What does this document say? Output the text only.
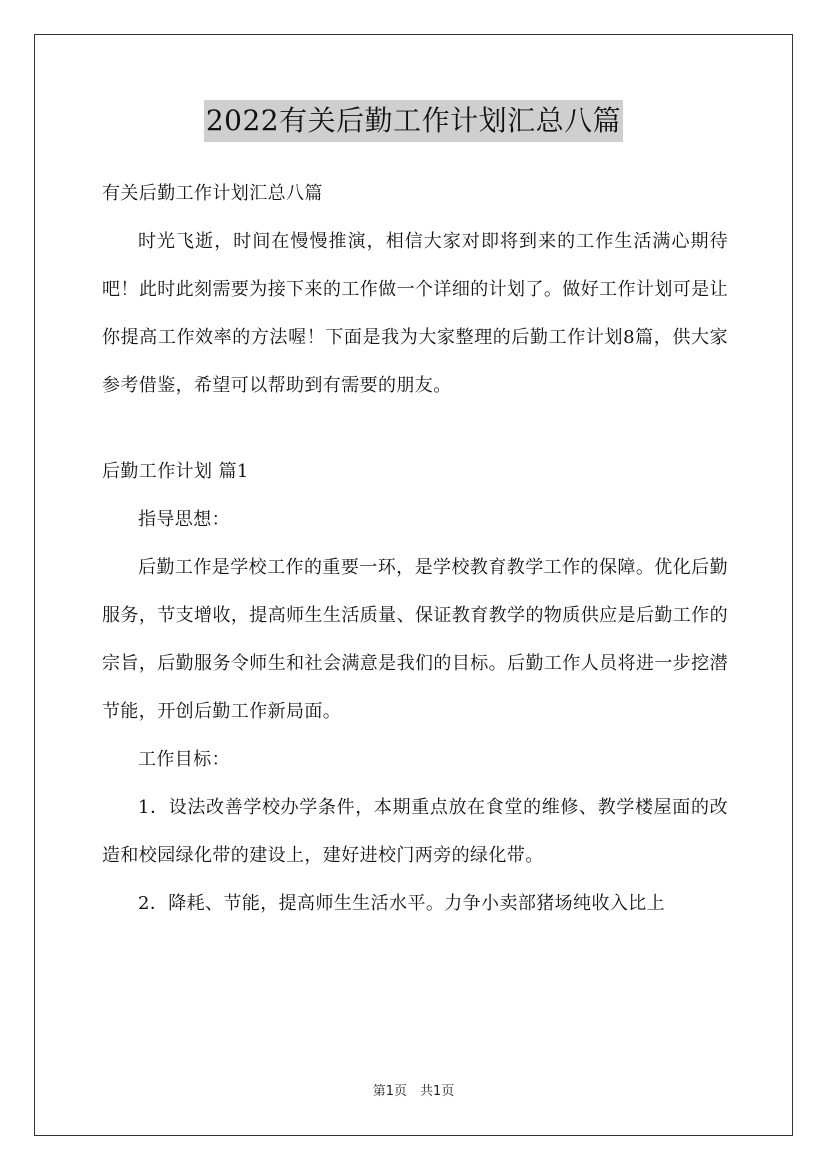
2022有关后勤工作计划汇总八篇

有关后勤工作计划汇总八篇

时光飞逝，时间在慢慢推演，相信大家对即将到来的工作生活满心期待吧！此时此刻需要为接下来的工作做一个详细的计划了。做好工作计划可是让你提高工作效率的方法喔！下面是我为大家整理的后勤工作计划8篇，供大家参考借鉴，希望可以帮助到有需要的朋友。

后勤工作计划 篇1

指导思想：

后勤工作是学校工作的重要一环，是学校教育教学工作的保障。优化后勤服务，节支增收，提高师生生活质量、保证教育教学的物质供应是后勤工作的宗旨，后勤服务令师生和社会满意是我们的目标。后勤工作人员将进一步挖潜节能，开创后勤工作新局面。

工作目标：

1．设法改善学校办学条件，本期重点放在食堂的维修、教学楼屋面的改造和校园绿化带的建设上，建好进校门两旁的绿化带。

2．降耗、节能，提高师生生活水平。力争小卖部猪场纯收入比上

第1页　共1页
